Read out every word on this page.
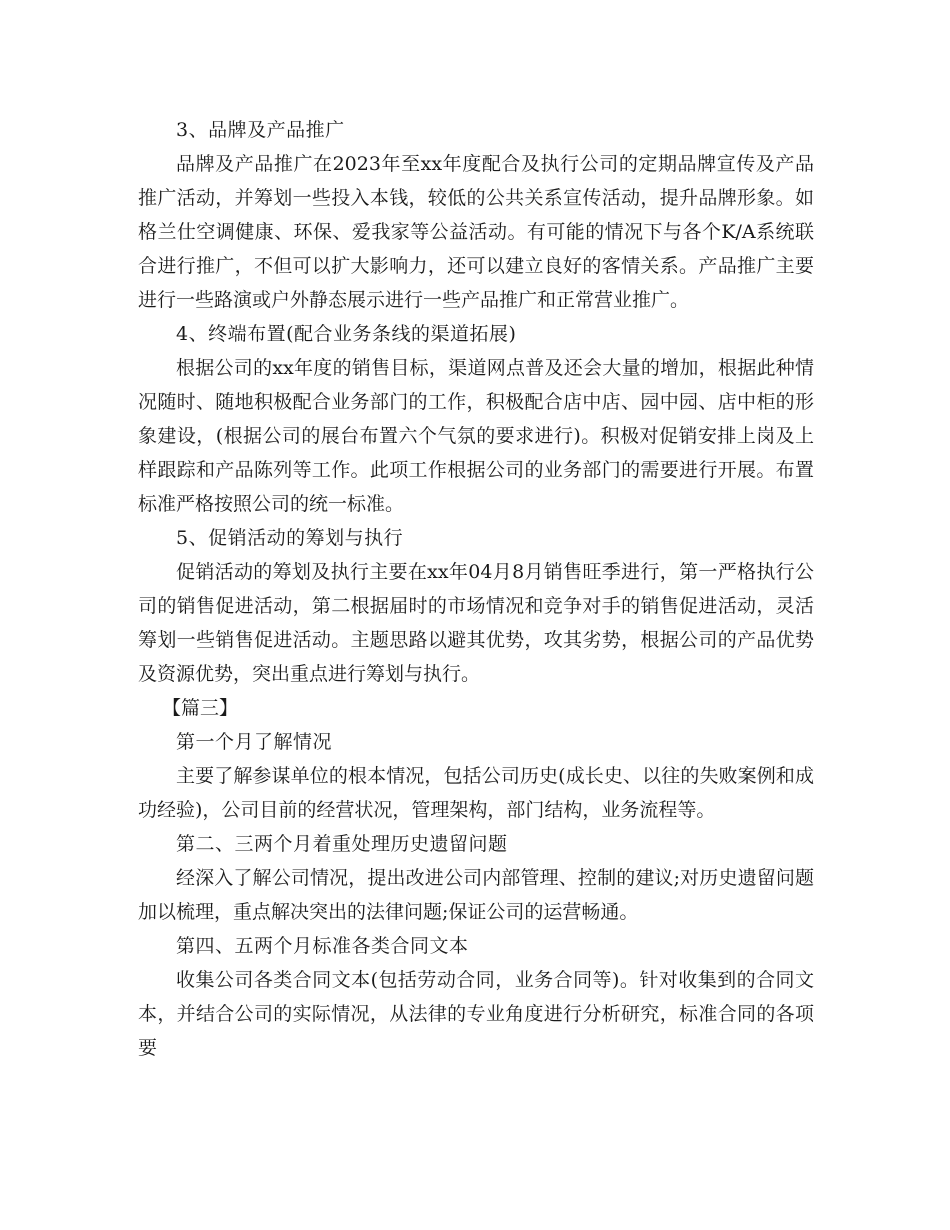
3、品牌及产品推广

品牌及产品推广在2023年至xx年度配合及执行公司的定期品牌宣传及产品推广活动，并筹划一些投入本钱，较低的公共关系宣传活动，提升品牌形象。如格兰仕空调健康、环保、爱我家等公益活动。有可能的情况下与各个K/A系统联合进行推广，不但可以扩大影响力，还可以建立良好的客情关系。产品推广主要进行一些路演或户外静态展示进行一些产品推广和正常营业推广。

4、终端布置(配合业务条线的渠道拓展)

根据公司的xx年度的销售目标，渠道网点普及还会大量的增加，根据此种情况随时、随地积极配合业务部门的工作，积极配合店中店、园中园、店中柜的形象建设，(根据公司的展台布置六个气氛的要求进行)。积极对促销安排上岗及上样跟踪和产品陈列等工作。此项工作根据公司的业务部门的需要进行开展。布置标准严格按照公司的统一标准。

5、促销活动的筹划与执行

促销活动的筹划及执行主要在xx年04月8月销售旺季进行，第一严格执行公司的销售促进活动，第二根据届时的市场情况和竞争对手的销售促进活动，灵活筹划一些销售促进活动。主题思路以避其优势，攻其劣势，根据公司的产品优势及资源优势，突出重点进行筹划与执行。

【篇三】

第一个月了解情况

主要了解参谋单位的根本情况，包括公司历史(成长史、以往的失败案例和成功经验)，公司目前的经营状况，管理架构，部门结构，业务流程等。

第二、三两个月着重处理历史遗留问题

经深入了解公司情况，提出改进公司内部管理、控制的建议;对历史遗留问题加以梳理，重点解决突出的法律问题;保证公司的运营畅通。

第四、五两个月标准各类合同文本

收集公司各类合同文本(包括劳动合同，业务合同等)。针对收集到的合同文本，并结合公司的实际情况，从法律的专业角度进行分析研究，标准合同的各项要
